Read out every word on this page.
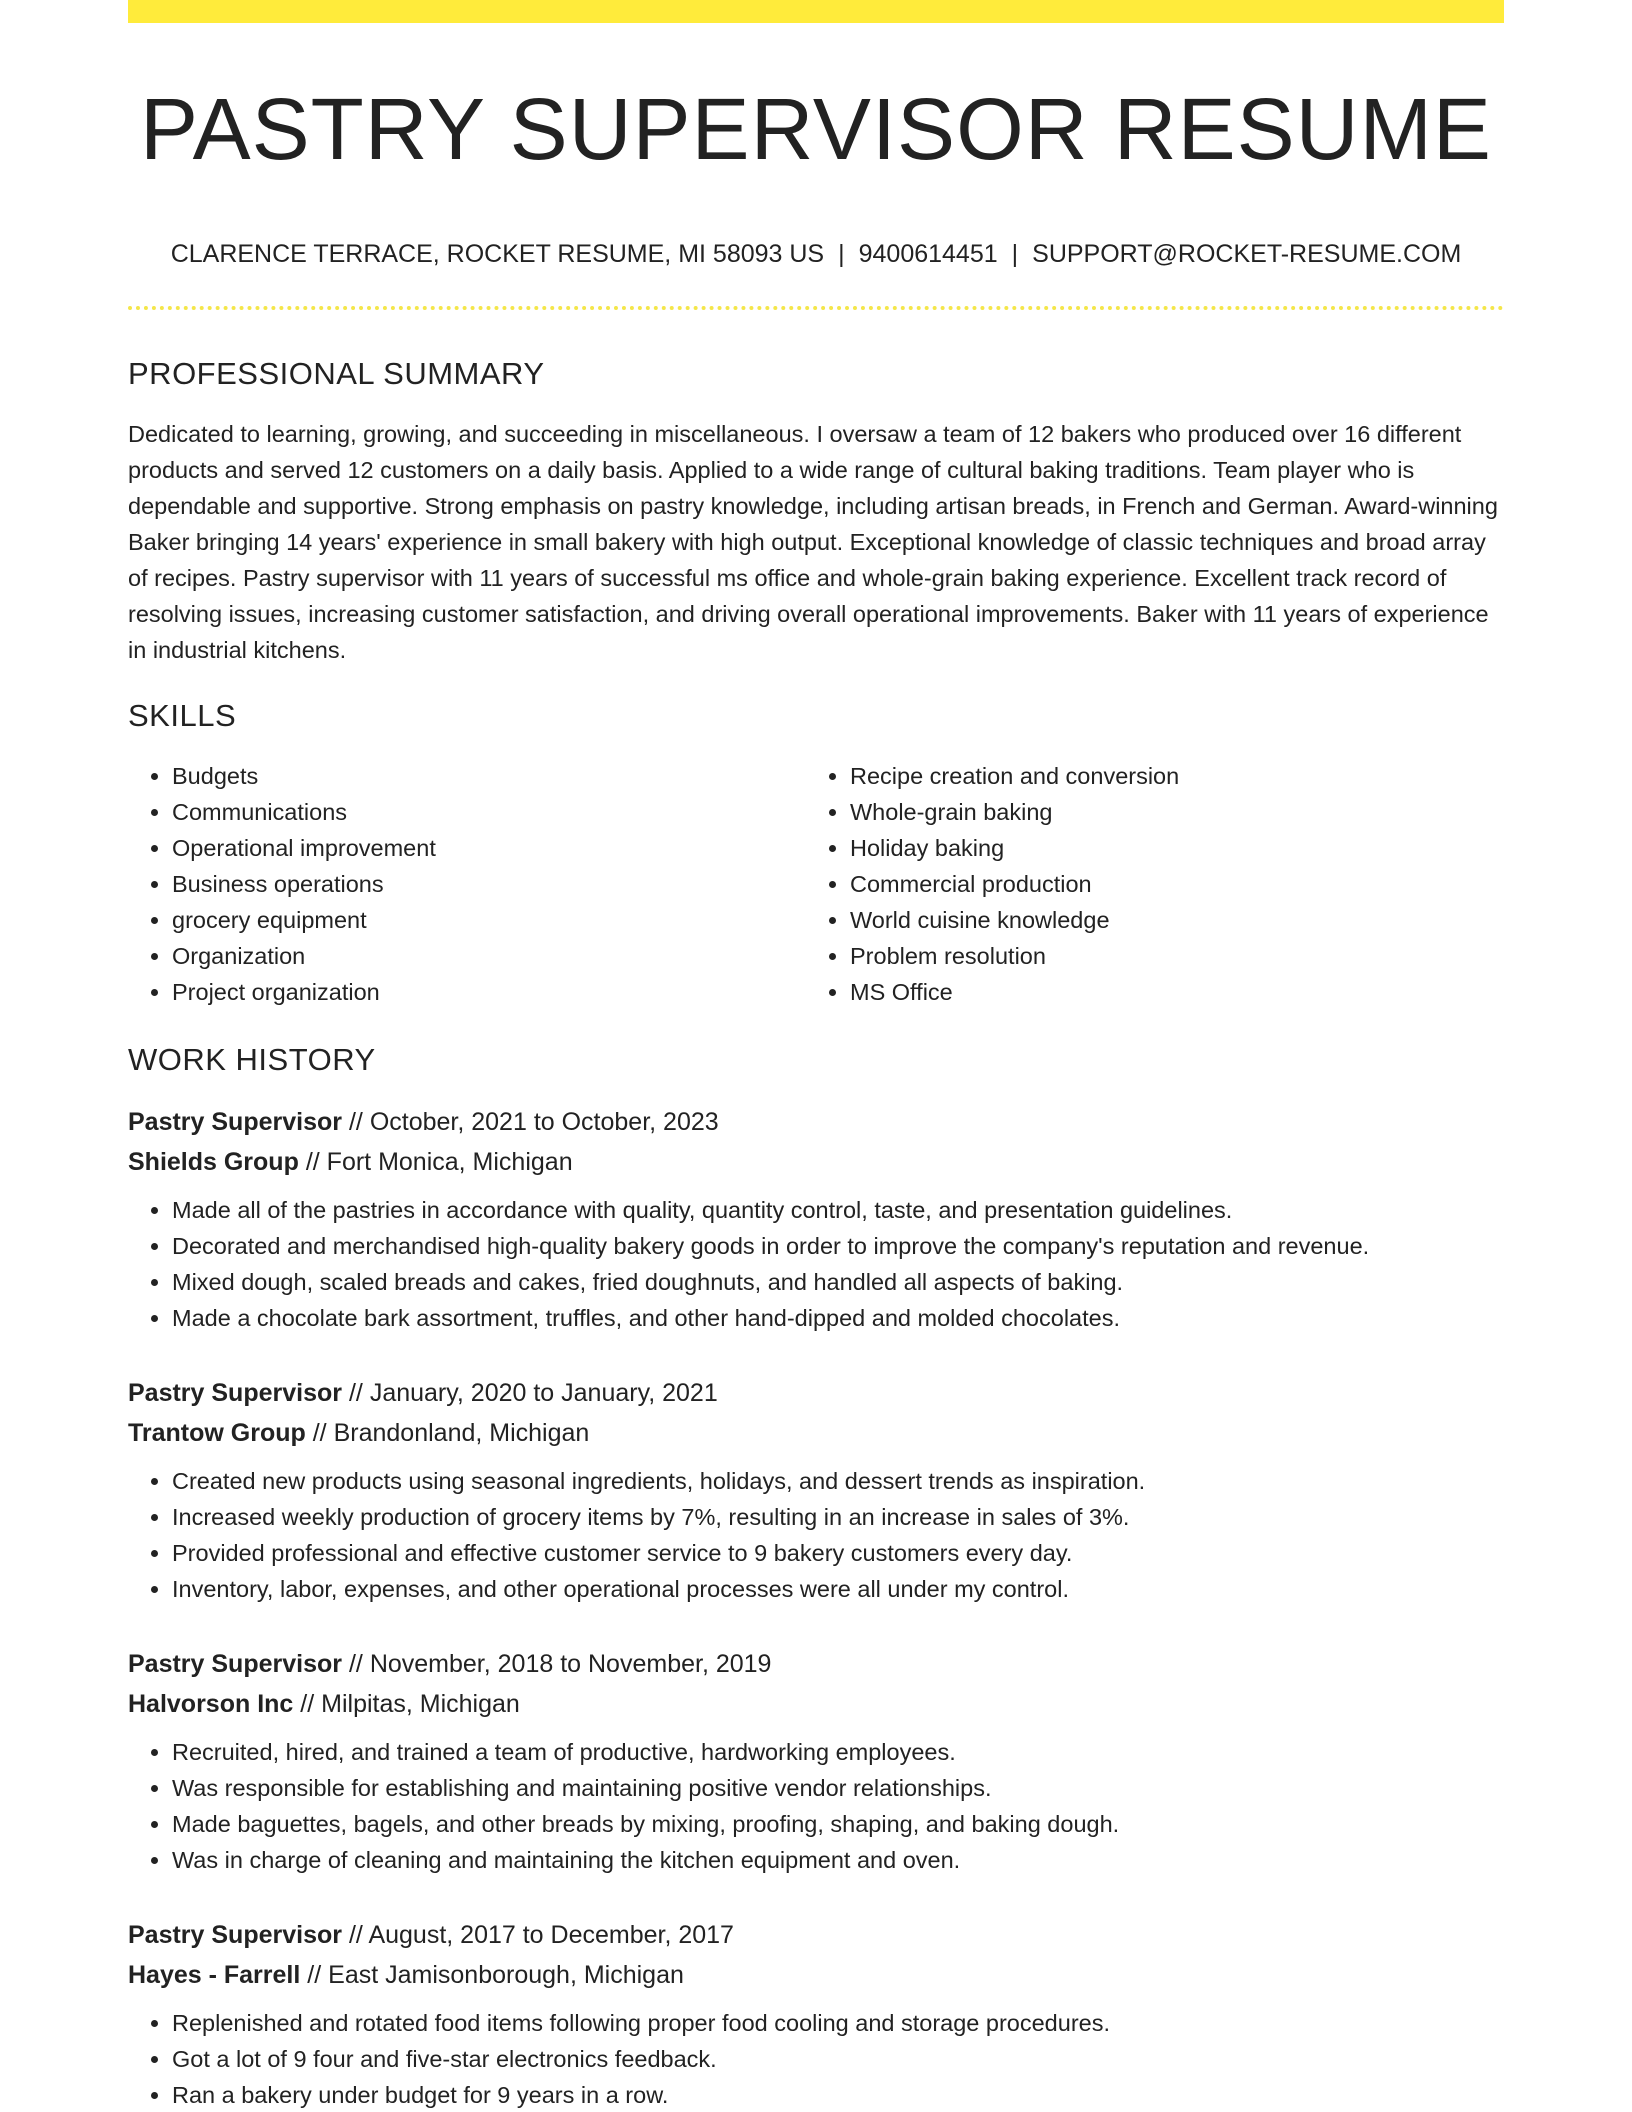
PASTRY SUPERVISOR RESUME
CLARENCE TERRACE, ROCKET RESUME, MI 58093 US | 9400614451 | SUPPORT@ROCKET-RESUME.COM
PROFESSIONAL SUMMARY

Dedicated to learning, growing, and succeeding in miscellaneous. I oversaw a team of 12 bakers who produced over 16 different products and served 12 customers on a daily basis. Applied to a wide range of cultural baking traditions. Team player who is dependable and supportive. Strong emphasis on pastry knowledge, including artisan breads, in French and German. Award-winning Baker bringing 14 years' experience in small bakery with high output. Exceptional knowledge of classic techniques and broad array of recipes. Pastry supervisor with 11 years of successful ms office and whole-grain baking experience. Excellent track record of resolving issues, increasing customer satisfaction, and driving overall operational improvements. Baker with 11 years of experience in industrial kitchens.

SKILLS
• Budgets
• Communications
• Operational improvement
• Business operations
• grocery equipment
• Organization
• Project organization
• Recipe creation and conversion
• Whole-grain baking
• Holiday baking
• Commercial production
• World cuisine knowledge
• Problem resolution
• MS Office
WORK HISTORY
Pastry Supervisor // October, 2021 to October, 2023
Shields Group // Fort Monica, Michigan
• Made all of the pastries in accordance with quality, quantity control, taste, and presentation guidelines.
• Decorated and merchandised high-quality bakery goods in order to improve the company's reputation and revenue.
• Mixed dough, scaled breads and cakes, fried doughnuts, and handled all aspects of baking.
• Made a chocolate bark assortment, truffles, and other hand-dipped and molded chocolates.
Pastry Supervisor // January, 2020 to January, 2021
Trantow Group // Brandonland, Michigan
• Created new products using seasonal ingredients, holidays, and dessert trends as inspiration.
• Increased weekly production of grocery items by 7%, resulting in an increase in sales of 3%.
• Provided professional and effective customer service to 9 bakery customers every day.
• Inventory, labor, expenses, and other operational processes were all under my control.
Pastry Supervisor // November, 2018 to November, 2019
Halvorson Inc // Milpitas, Michigan
• Recruited, hired, and trained a team of productive, hardworking employees.
• Was responsible for establishing and maintaining positive vendor relationships.
• Made baguettes, bagels, and other breads by mixing, proofing, shaping, and baking dough.
• Was in charge of cleaning and maintaining the kitchen equipment and oven.
Pastry Supervisor // August, 2017 to December, 2017
Hayes - Farrell // East Jamisonborough, Michigan
• Replenished and rotated food items following proper food cooling and storage procedures.
• Got a lot of 9 four and five-star electronics feedback.
• Ran a bakery under budget for 9 years in a row.
